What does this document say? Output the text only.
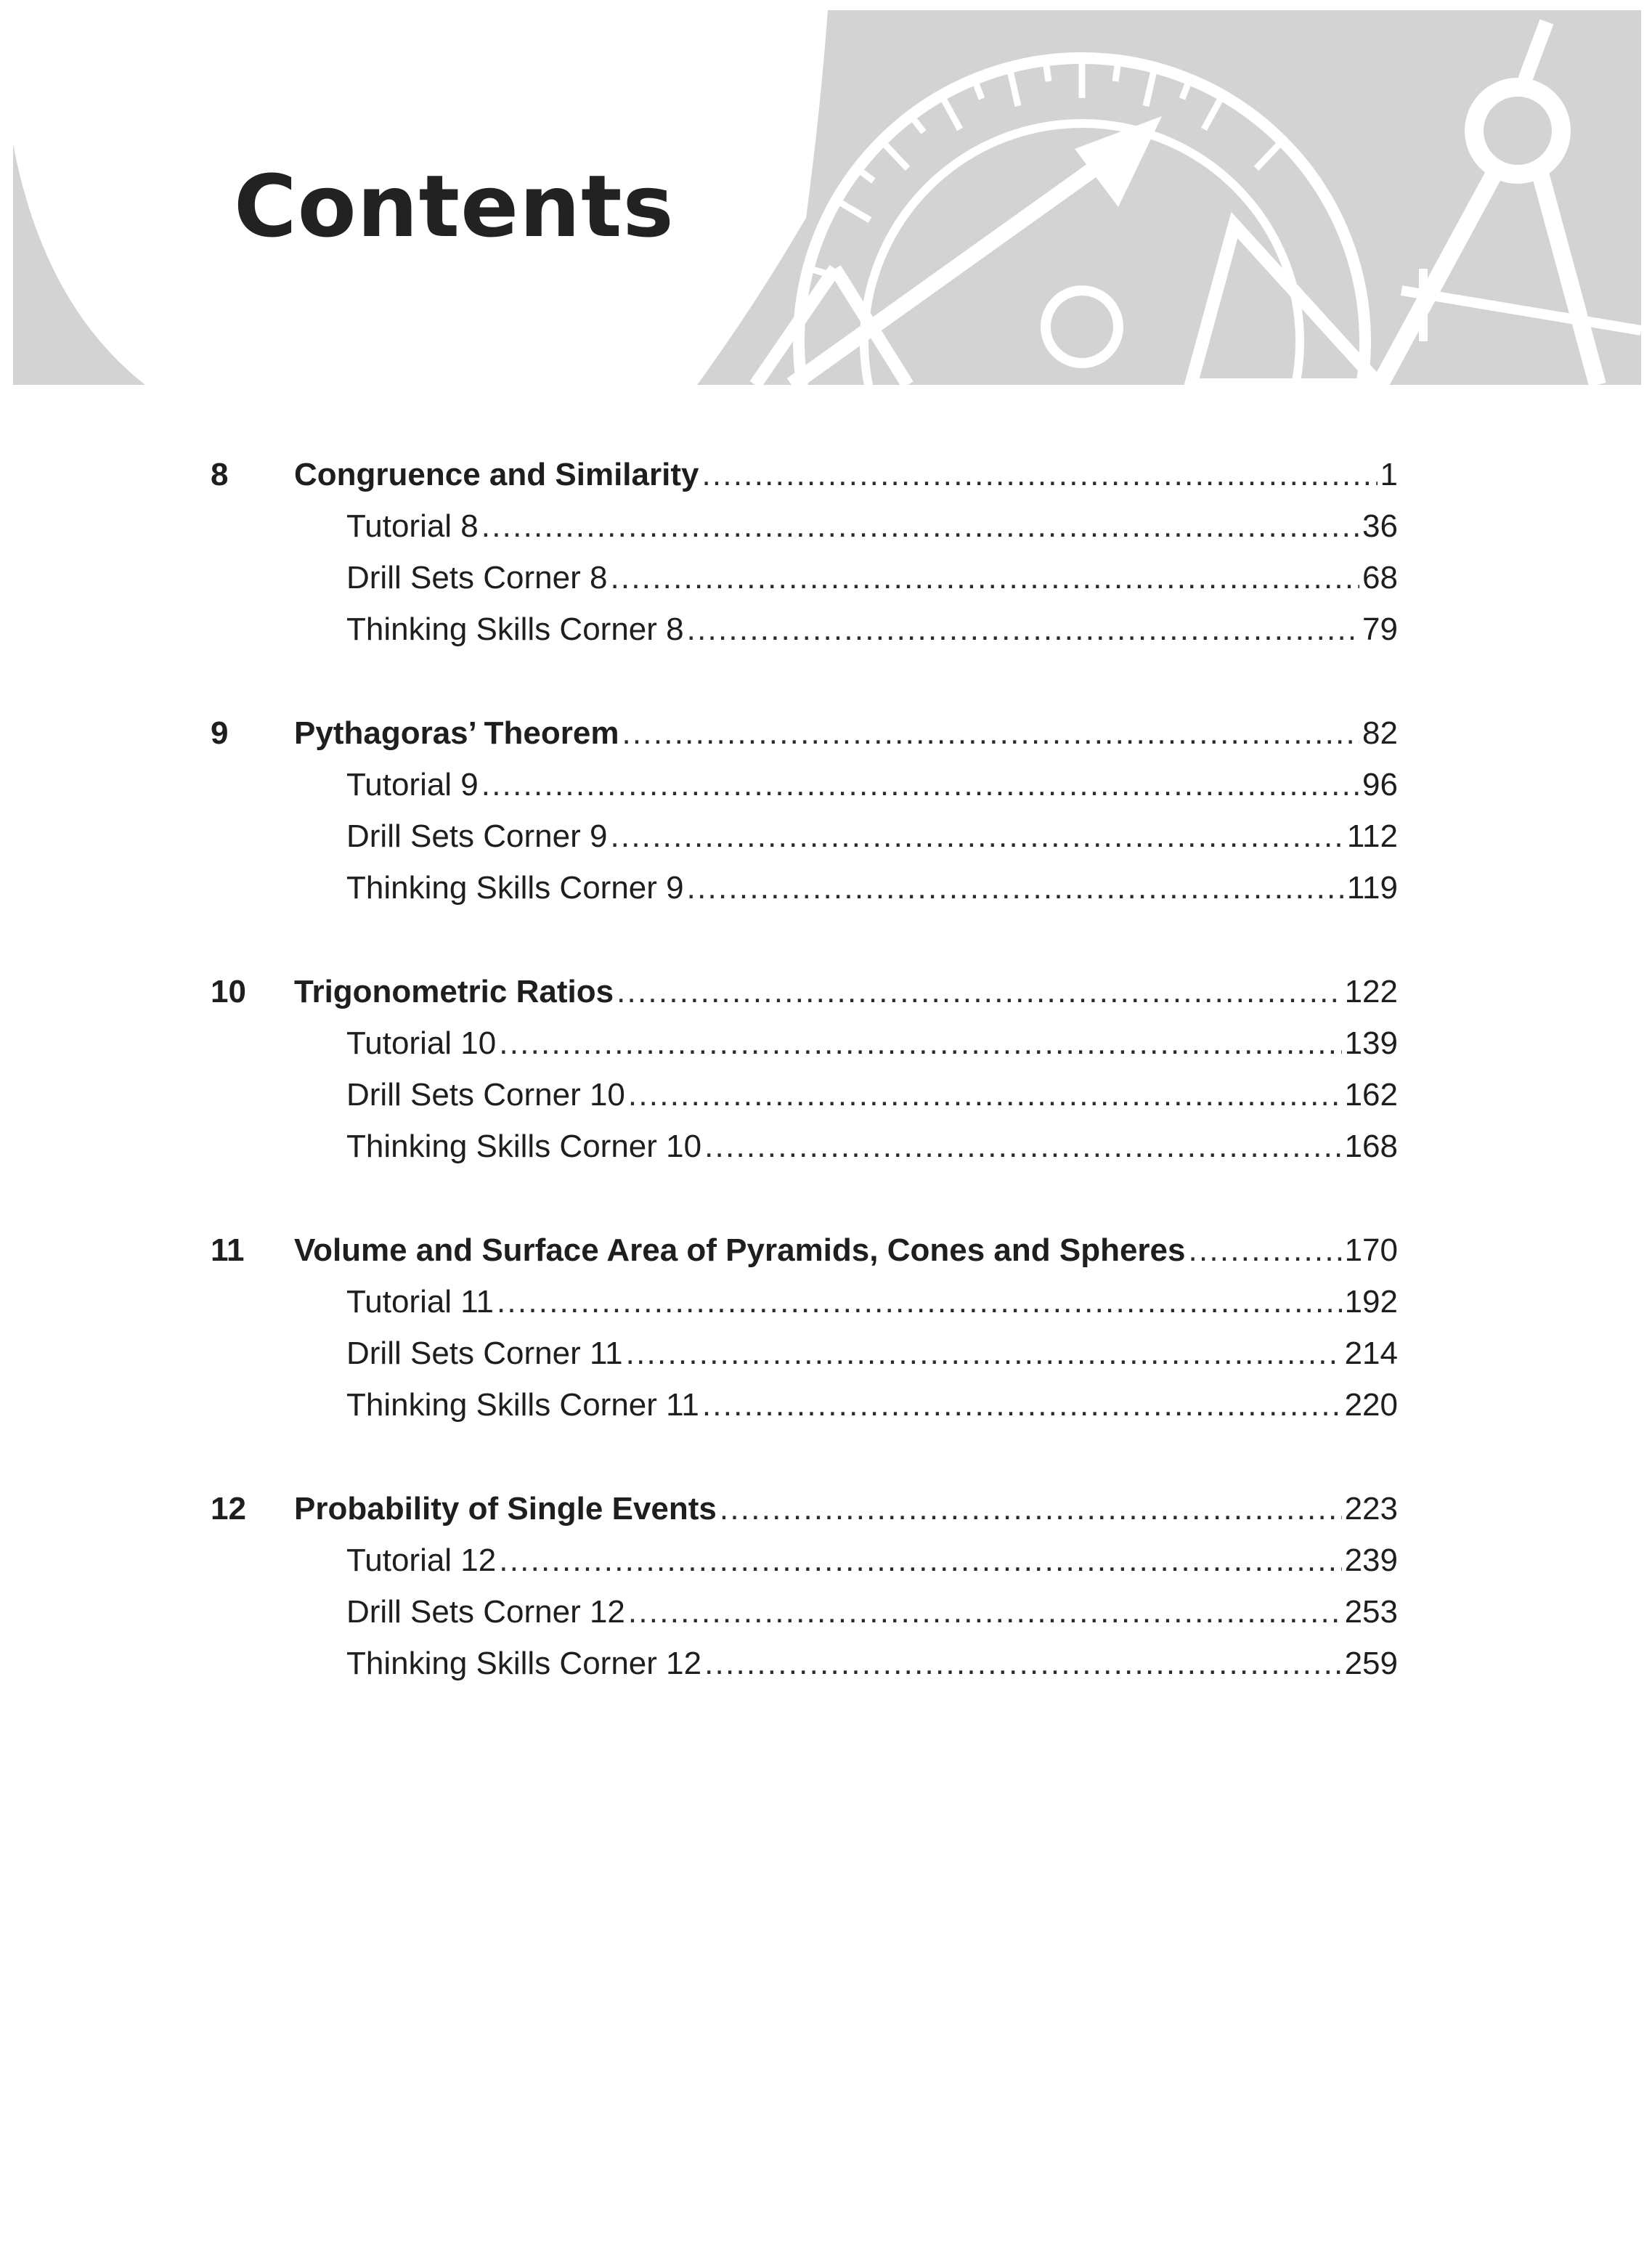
Contents
8	Congruence and Similarity . . .	1
Tutorial 8 . . .	36
Drill Sets Corner 8 . . .	68
Thinking Skills Corner 8 . . .	79
9	Pythagoras’ Theorem . . .	82
Tutorial 9 . . .	96
Drill Sets Corner 9 . . .	112
Thinking Skills Corner 9 . . .	119
10	Trigonometric Ratios . . .	122
Tutorial 10 . . .	139
Drill Sets Corner 10 . . .	162
Thinking Skills Corner 10 . . .	168
11	Volume and Surface Area of Pyramids, Cones and Spheres . . .	170
Tutorial 11 . . .	192
Drill Sets Corner 11 . . .	214
Thinking Skills Corner 11 . . .	220
12	Probability of Single Events . . .	223
Tutorial 12 . . .	239
Drill Sets Corner 12 . . .	253
Thinking Skills Corner 12 . . .	259
